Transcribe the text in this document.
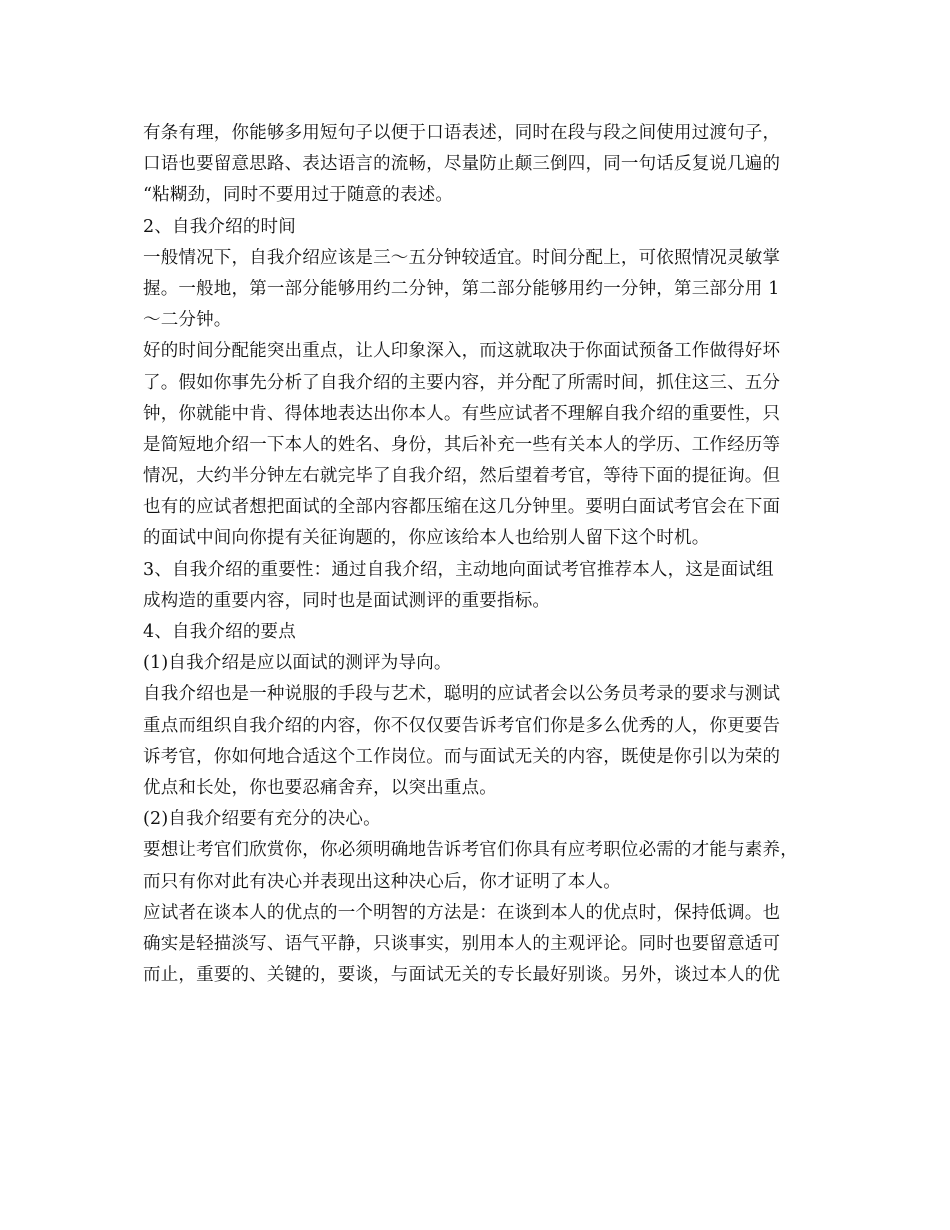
有条有理，你能够多用短句子以便于口语表述，同时在段与段之间使用过渡句子，
口语也要留意思路、表达语言的流畅，尽量防止颠三倒四，同一句话反复说几遍的
“粘糊劲，同时不要用过于随意的表述。
2、自我介绍的时间
一般情况下，自我介绍应该是三～五分钟较适宜。时间分配上，可依照情况灵敏掌
握。一般地，第一部分能够用约二分钟，第二部分能够用约一分钟，第三部分用 1
～二分钟。
好的时间分配能突出重点，让人印象深入，而这就取决于你面试预备工作做得好坏
了。假如你事先分析了自我介绍的主要内容，并分配了所需时间，抓住这三、五分
钟，你就能中肯、得体地表达出你本人。有些应试者不理解自我介绍的重要性，只
是简短地介绍一下本人的姓名、身份，其后补充一些有关本人的学历、工作经历等
情况，大约半分钟左右就完毕了自我介绍，然后望着考官，等待下面的提征询。但
也有的应试者想把面试的全部内容都压缩在这几分钟里。要明白面试考官会在下面
的面试中间向你提有关征询题的，你应该给本人也给别人留下这个时机。
3、自我介绍的重要性：通过自我介绍，主动地向面试考官推荐本人，这是面试组
成构造的重要内容，同时也是面试测评的重要指标。
4、自我介绍的要点
(1)自我介绍是应以面试的测评为导向。
自我介绍也是一种说服的手段与艺术，聪明的应试者会以公务员考录的要求与测试
重点而组织自我介绍的内容，你不仅仅要告诉考官们你是多么优秀的人，你更要告
诉考官，你如何地合适这个工作岗位。而与面试无关的内容，既使是你引以为荣的
优点和长处，你也要忍痛舍弃，以突出重点。
(2)自我介绍要有充分的决心。
要想让考官们欣赏你，你必须明确地告诉考官们你具有应考职位必需的才能与素养，
而只有你对此有决心并表现出这种决心后，你才证明了本人。
应试者在谈本人的优点的一个明智的方法是：在谈到本人的优点时，保持低调。也
确实是轻描淡写、语气平静，只谈事实，别用本人的主观评论。同时也要留意适可
而止，重要的、关键的，要谈，与面试无关的专长最好别谈。另外，谈过本人的优
